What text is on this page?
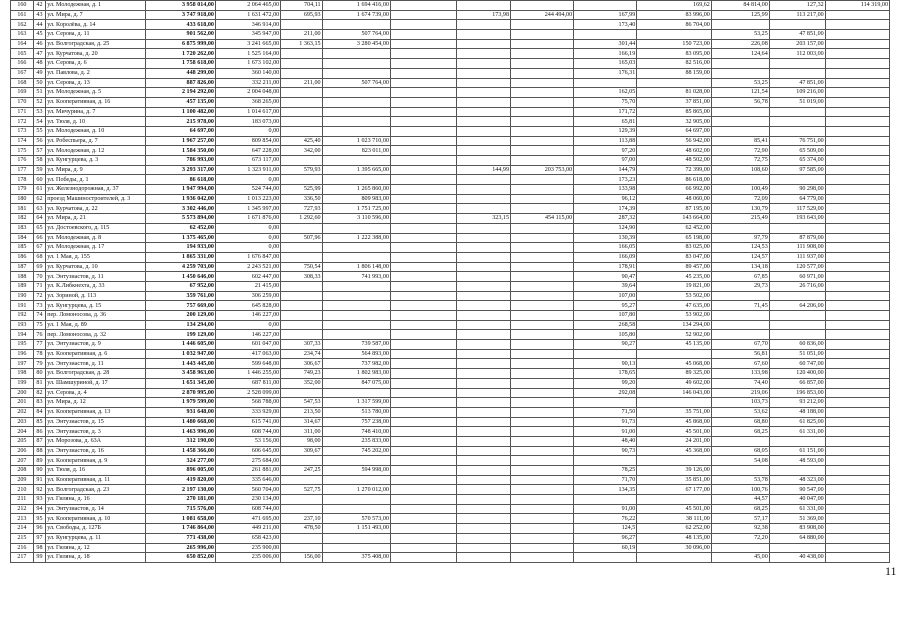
160	42	ул. Молодежная, д. 1	3 958 014,00	2 064 465,00	704,11	1 694 416,00					169,62	84 814,00	127,32	114 319,00
161	43	ул. Мира, д. 7	3 747 918,00	1 631 472,00	695,93	1 674 739,00		173,98	244 494,00	167,99	83 996,00	125,99	113 217,00	
162	44	ул. Королёва, д. 14	433 618,00	346 914,00						173,40	86 704,00			
163	45	ул. Серова, д. 11	901 562,00	345 947,00	211,00	507 764,00						53,25	47 851,00	
164	46	ул. Волгоградская, д. 25	6 875 999,00	3 241 665,00	1 363,15	3 280 454,00				301,44	150 723,00	226,08	203 157,00	
165	47	ул. Курчатова, д. 20	1 720 262,00	1 525 164,00						166,19	83 095,00	124,64	112 003,00	
166	48	ул. Серова, д. 6	1 758 618,00	1 673 102,00						165,03	82 516,00			
167	49	ул. Павлова, д. 2	448 299,00	360 140,00						176,31	88 159,00			
168	50	ул. Серова, д. 13	887 826,00	332 211,00	211,00	507 764,00						53,25	47 851,00	
169	51	ул. Молодежная, д. 5	2 194 292,00	2 004 048,00						162,05	81 028,00	121,54	109 216,00	
170	52	ул. Кооперативная, д. 16	457 135,00	368 265,00						75,70	37 851,00	56,78	51 019,00	
171	53	ул. Мичурина, д. 7	1 100 482,00	1 014 617,00						171,72	85 865,00			
172	54	ул. Тюля, д. 10	215 978,00	183 073,00						65,81	32 905,00			
173	55	ул. Молодежная, д. 10	64 697,00	0,00						129,39	64 697,00			
174	56	ул. Робеспьера, д. 7	1 967 257,00	809 854,00	425,40	1 023 710,00				113,88	56 942,00	85,41	76 751,00	
175	57	ул. Молодежная, д. 12	1 584 350,00	647 228,00	342,00	823 011,00				97,20	48 602,00	72,90	65 509,00	
176	58	ул. Кунгурцева, д. 3	786 993,00	673 117,00						97,00	48 502,00	72,75	65 374,00	
177	59	ул. Мира, д. 9	3 293 317,00	1 323 911,00	579,93	1 395 665,00		144,99	203 753,00	144,79	72 399,00	108,60	97 585,00	
178	60	ул. Победы, д. 1	86 618,00	0,00						173,23	86 618,00			
179	61	ул. Железнодорожная, д. 37	1 947 994,00	524 744,00	525,99	1 265 860,00				133,98	66 992,00	100,49	90 298,00	
180	62	проезд Машиностроителей, д. 3	1 936 042,00	1 013 223,00	336,50	809 983,00				96,12	48 060,00	72,09	64 779,00	
181	63	ул. Курчатова, д. 22	3 302 446,00	1 345 997,00	727,93	1 751 725,00				174,39	87 195,00	130,79	117 529,00	
182	64	ул. Мира, д. 21	5 573 894,00	1 671 876,00	1 292,60	3 110 596,00		323,15	454 115,00	287,32	143 664,00	215,49	193 643,00	
183	65	ул. Достоевского, д. 115	62 452,00	0,00						124,90	62 452,00			
184	66	ул. Молодежная, д. 8	1 375 465,00	0,00	507,96	1 222 388,00				130,39	65 198,00	97,79	87 879,00	
185	67	ул. Молодежная, д. 17	194 933,00	0,00						166,05	83 025,00	124,53	111 908,00	
186	68	ул. 1 Мая, д. 155	1 865 331,00	1 676 847,00						166,09	83 047,00	124,57	111 937,00	
187	69	ул. Курчатова, д. 10	4 259 703,00	2 243 521,00	750,54	1 806 148,00				178,91	89 457,00	134,18	120 577,00	
188	70	ул. Энтузиастов, д. 11	1 450 646,00	602 447,00	308,33	741 993,00				90,47	45 235,00	67,85	60 971,00	
189	71	ул. К.Либкнехта, д. 33	67 952,00	21 415,00						39,64	19 821,00	29,73	26 716,00	
190	72	ул. Зориной, д. 113	359 761,00	306 259,00						107,00	53 502,00			
191	73	ул. Кунгурцева, д. 15	757 669,00	645 828,00						95,27	47 635,00	71,45	64 206,00	
192	74	пер. Ломоносова, д. 36	200 129,00	146 227,00						107,80	53 902,00			
193	75	ул. 1 Мая, д. 89	134 294,00	0,00						268,58	134 294,00			
194	76	пер. Ломоносова, д. 32	199 129,00	146 227,00						105,80	52 902,00			
195	77	ул. Энтузиастов, д. 9	1 446 605,00	601 047,00	307,33	739 587,00				90,27	45 135,00	67,70	60 836,00	
196	78	ул. Кооперативная, д. 6	1 032 947,00	417 063,00	234,74	564 893,00						56,81	51 051,00	
197	79	ул. Энтузиастов, д. 11	1 443 445,00	599 648,00	306,67	737 982,00				90,13	45 068,00	67,60	60 747,00	
198	80	ул. Волгоградская, д. 28	3 458 963,00	1 446 255,00	749,23	1 802 983,00				178,65	89 325,00	133,98	120 400,00	
199	81	ул. Шамшуриной, д. 17	1 651 345,00	687 811,00	352,00	847 075,00				99,20	49 602,00	74,40	66 857,00	
200	82	ул. Серова, д. 4	2 870 995,00	2 528 099,00						292,08	146 043,00	219,06	196 853,00	
201	83	ул. Мира, д. 12	1 979 599,00	568 788,00	547,53	1 317 599,00						103,73	93 212,00	
202	84	ул. Кооперативная, д. 13	931 648,00	333 929,00	213,50	513 780,00				71,50	35 751,00	53,62	48 188,00	
203	85	ул. Энтузиастов, д. 15	1 480 668,00	615 741,00	314,67	757 238,00				91,73	45 868,00	68,80	61 825,00	
204	86	ул. Энтузиастов, д. 3	1 463 996,00	608 744,00	311,00	748 410,00				91,00	45 501,00	68,25	61 331,00	
205	87	ул. Морозова, д. 63А	312 190,00	53 156,00	98,00	235 833,00				48,40	24 201,00			
206	88	ул. Энтузиастов, д. 16	1 458 366,00	606 645,00	309,67	745 202,00				90,73	45 368,00	68,05	61 151,00	
207	89	ул. Кооперативная, д. 9	324 277,00	275 684,00								54,08	48 593,00	
208	90	ул. Тюля, д. 16	896 005,00	261 881,00	247,25	594 998,00				78,25	39 126,00			
209	91	ул. Кооперативная, д. 11	419 820,00	335 646,00						71,70	35 851,00	53,78	48 323,00	
210	92	ул. Волгоградская, д. 23	2 197 130,00	560 704,00	527,75	1 270 012,00				134,35	67 177,00	100,76	90 547,00	
211	93	ул. Гиляна, д. 16	270 181,00	230 134,00								44,57	40 047,00	
212	94	ул. Энтузиастов, д. 14	715 576,00	608 744,00						91,00	45 501,00	68,25	61 331,00	
213	95	ул. Кооперативная, д. 10	1 081 658,00	471 695,00	237,10	570 573,00				76,22	38 111,00	57,17	51 369,00	
214	96	ул. Свободы, д. 127Б	1 746 864,00	449 211,00	478,50	1 151 493,00				124,5	62 252,00	92,38	83 908,00	
215	97	ул. Кунгурцева, д. 11	771 438,00	658 423,00						96,27	48 135,00	72,20	64 880,00	
216	98	ул. Гиляна, д. 12	265 996,00	235 900,00						60,19	30 096,00			
217	99	ул. Гиляна, д. 18	650 852,00	235 006,00	156,00	375 408,00						45,00	40 438,00	
11
